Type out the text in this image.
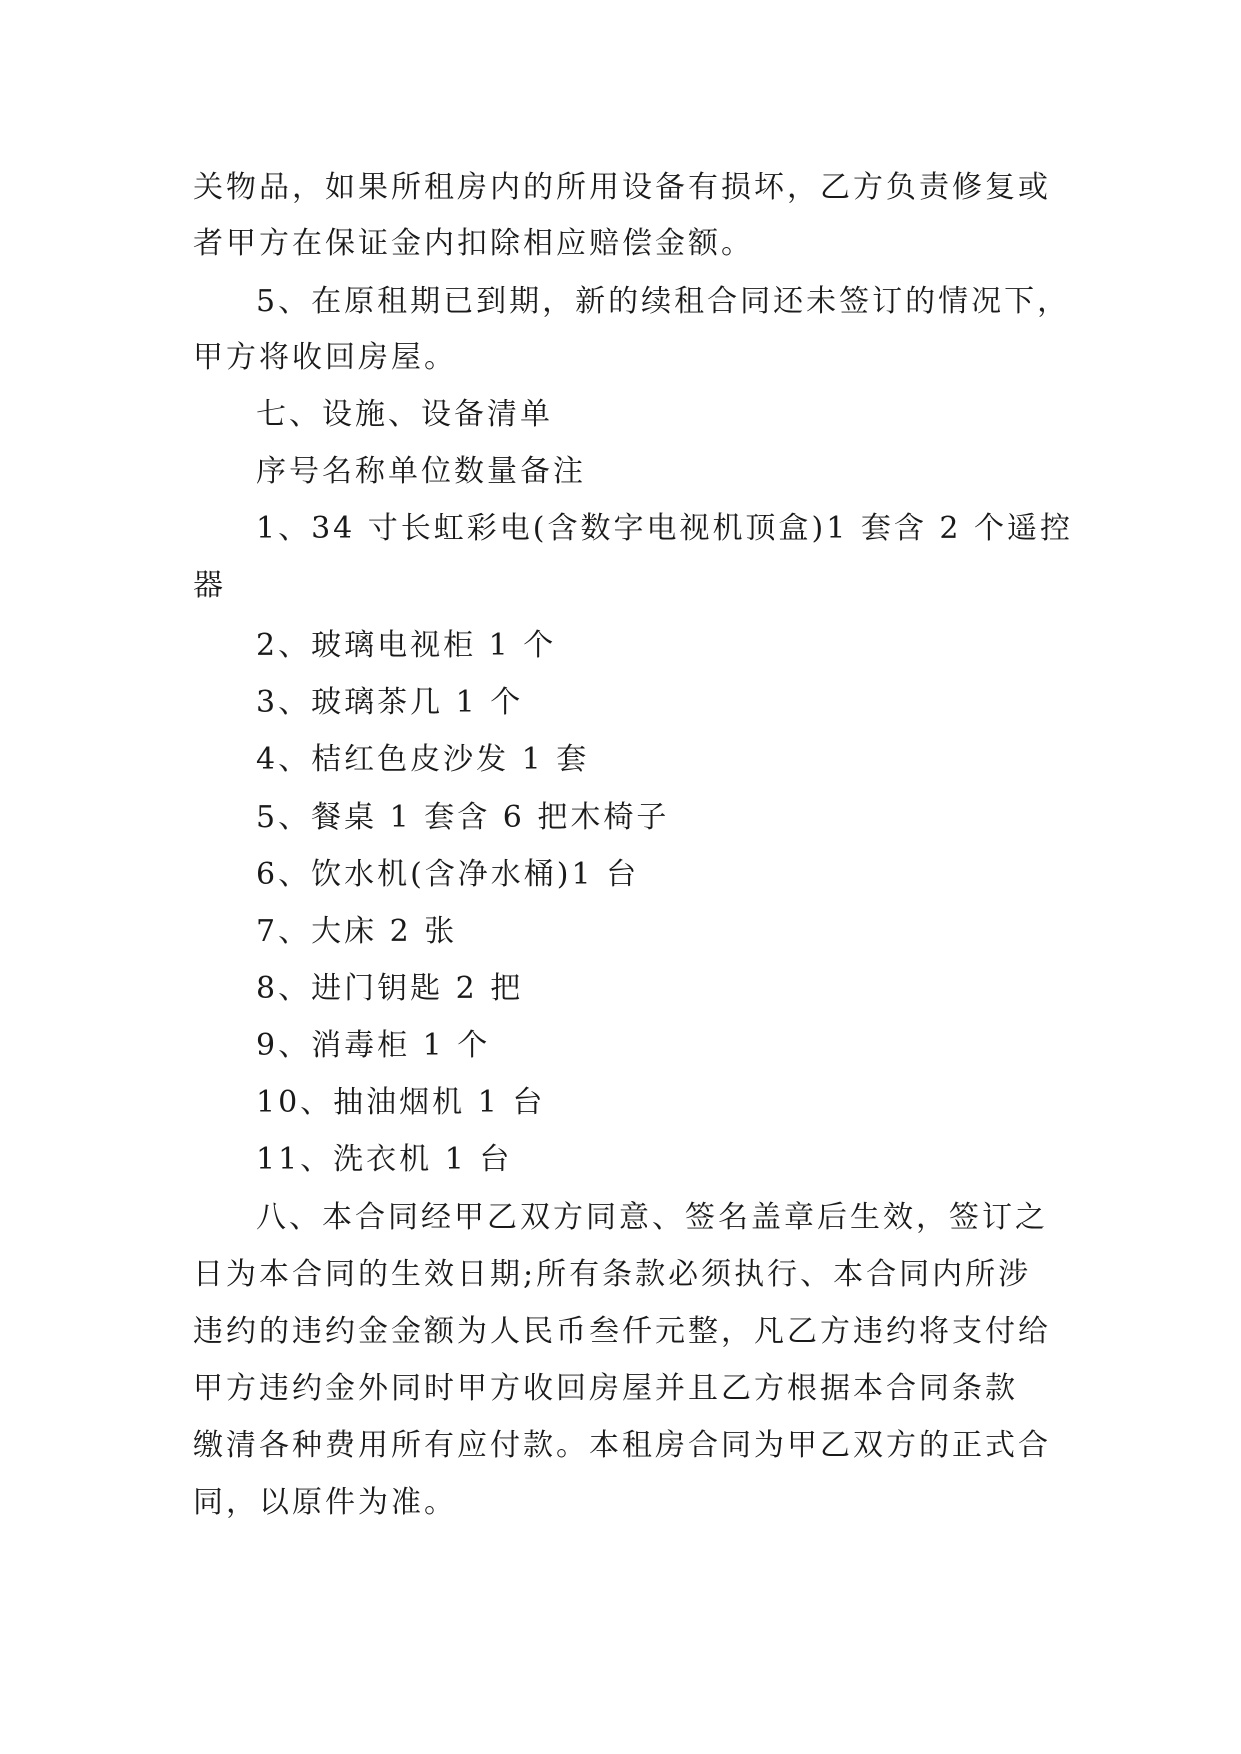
关物品，如果所租房内的所用设备有损坏，乙方负责修复或
者甲方在保证金内扣除相应赔偿金额。
5、在原租期已到期，新的续租合同还未签订的情况下，
甲方将收回房屋。
七、设施、设备清单
序号名称单位数量备注
1、34 寸长虹彩电(含数字电视机顶盒)1 套含 2 个遥控
器
2、玻璃电视柜 1 个
3、玻璃茶几 1 个
4、桔红色皮沙发 1 套
5、餐桌 1 套含 6 把木椅子
6、饮水机(含净水桶)1 台
7、大床 2 张
8、进门钥匙 2 把
9、消毒柜 1 个
10、抽油烟机 1 台
11、洗衣机 1 台
八、本合同经甲乙双方同意、签名盖章后生效，签订之
日为本合同的生效日期;所有条款必须执行、本合同内所涉
违约的违约金金额为人民币叁仟元整，凡乙方违约将支付给
甲方违约金外同时甲方收回房屋并且乙方根据本合同条款
缴清各种费用所有应付款。本租房合同为甲乙双方的正式合
同，以原件为准。
